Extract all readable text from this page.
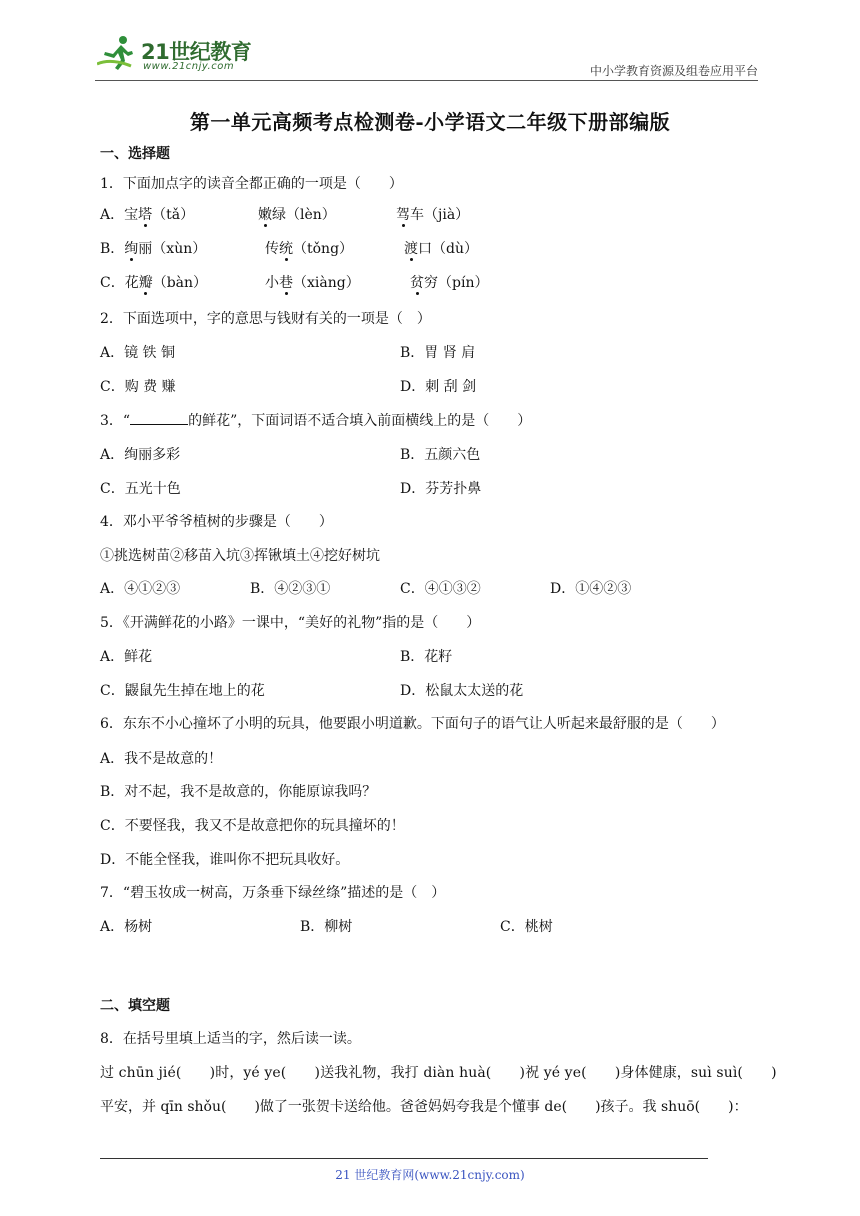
21世纪教育
www.21cnjy.com	中小学教育资源及组卷应用平台
第一单元高频考点检测卷-小学语文二年级下册部编版
一、选择题
1．下面加点字的读音全都正确的一项是（　　）
A．宝塔（tǎ）	嫩绿（lèn）	驾车（jià）
B．绚丽（xùn）	传统（tǒng）	渡口（dù）
C．花瓣（bàn）	小巷（xiàng）	贫穷（pín）
2．下面选项中，字的意思与钱财有关的一项是（　）
A．镜 铁 铜	B．胃 肾 肩
C．购 费 赚	D．刺 刮 剑
3．“	的鲜花”，下面词语不适合填入前面横线上的是（　　）
A．绚丽多彩	B．五颜六色
C．五光十色	D．芬芳扑鼻
4．邓小平爷爷植树的步骤是（　　）
①挑选树苗②移苗入坑③挥锹填土④挖好树坑
A．④①②③	B．④②③①	C．④①③②	D．①④②③
5．《开满鲜花的小路》一课中，“美好的礼物”指的是（　　）
A．鲜花	B．花籽
C．鼹鼠先生掉在地上的花	D．松鼠太太送的花
6．东东不小心撞坏了小明的玩具，他要跟小明道歉。下面句子的语气让人听起来最舒服的是（　　）
A．我不是故意的！
B．对不起，我不是故意的，你能原谅我吗？
C．不要怪我，我又不是故意把你的玩具撞坏的！
D．不能全怪我，谁叫你不把玩具收好。
7．“碧玉妆成一树高，万条垂下绿丝绦”描述的是（　）
A．杨树	B．柳树	C．桃树
二、填空题
8．在括号里填上适当的字，然后读一读。
过 chūn jié(　　)时，yé ye(　　)送我礼物，我打 diàn huà(　　)祝 yé ye(　　)身体健康，suì suì(　　)
平安，并 qīn shǒu(　　)做了一张贺卡送给他。爸爸妈妈夸我是个懂事 de(　　)孩子。我 shuō(　　)：
21 世纪教育网(www.21cnjy.com)
